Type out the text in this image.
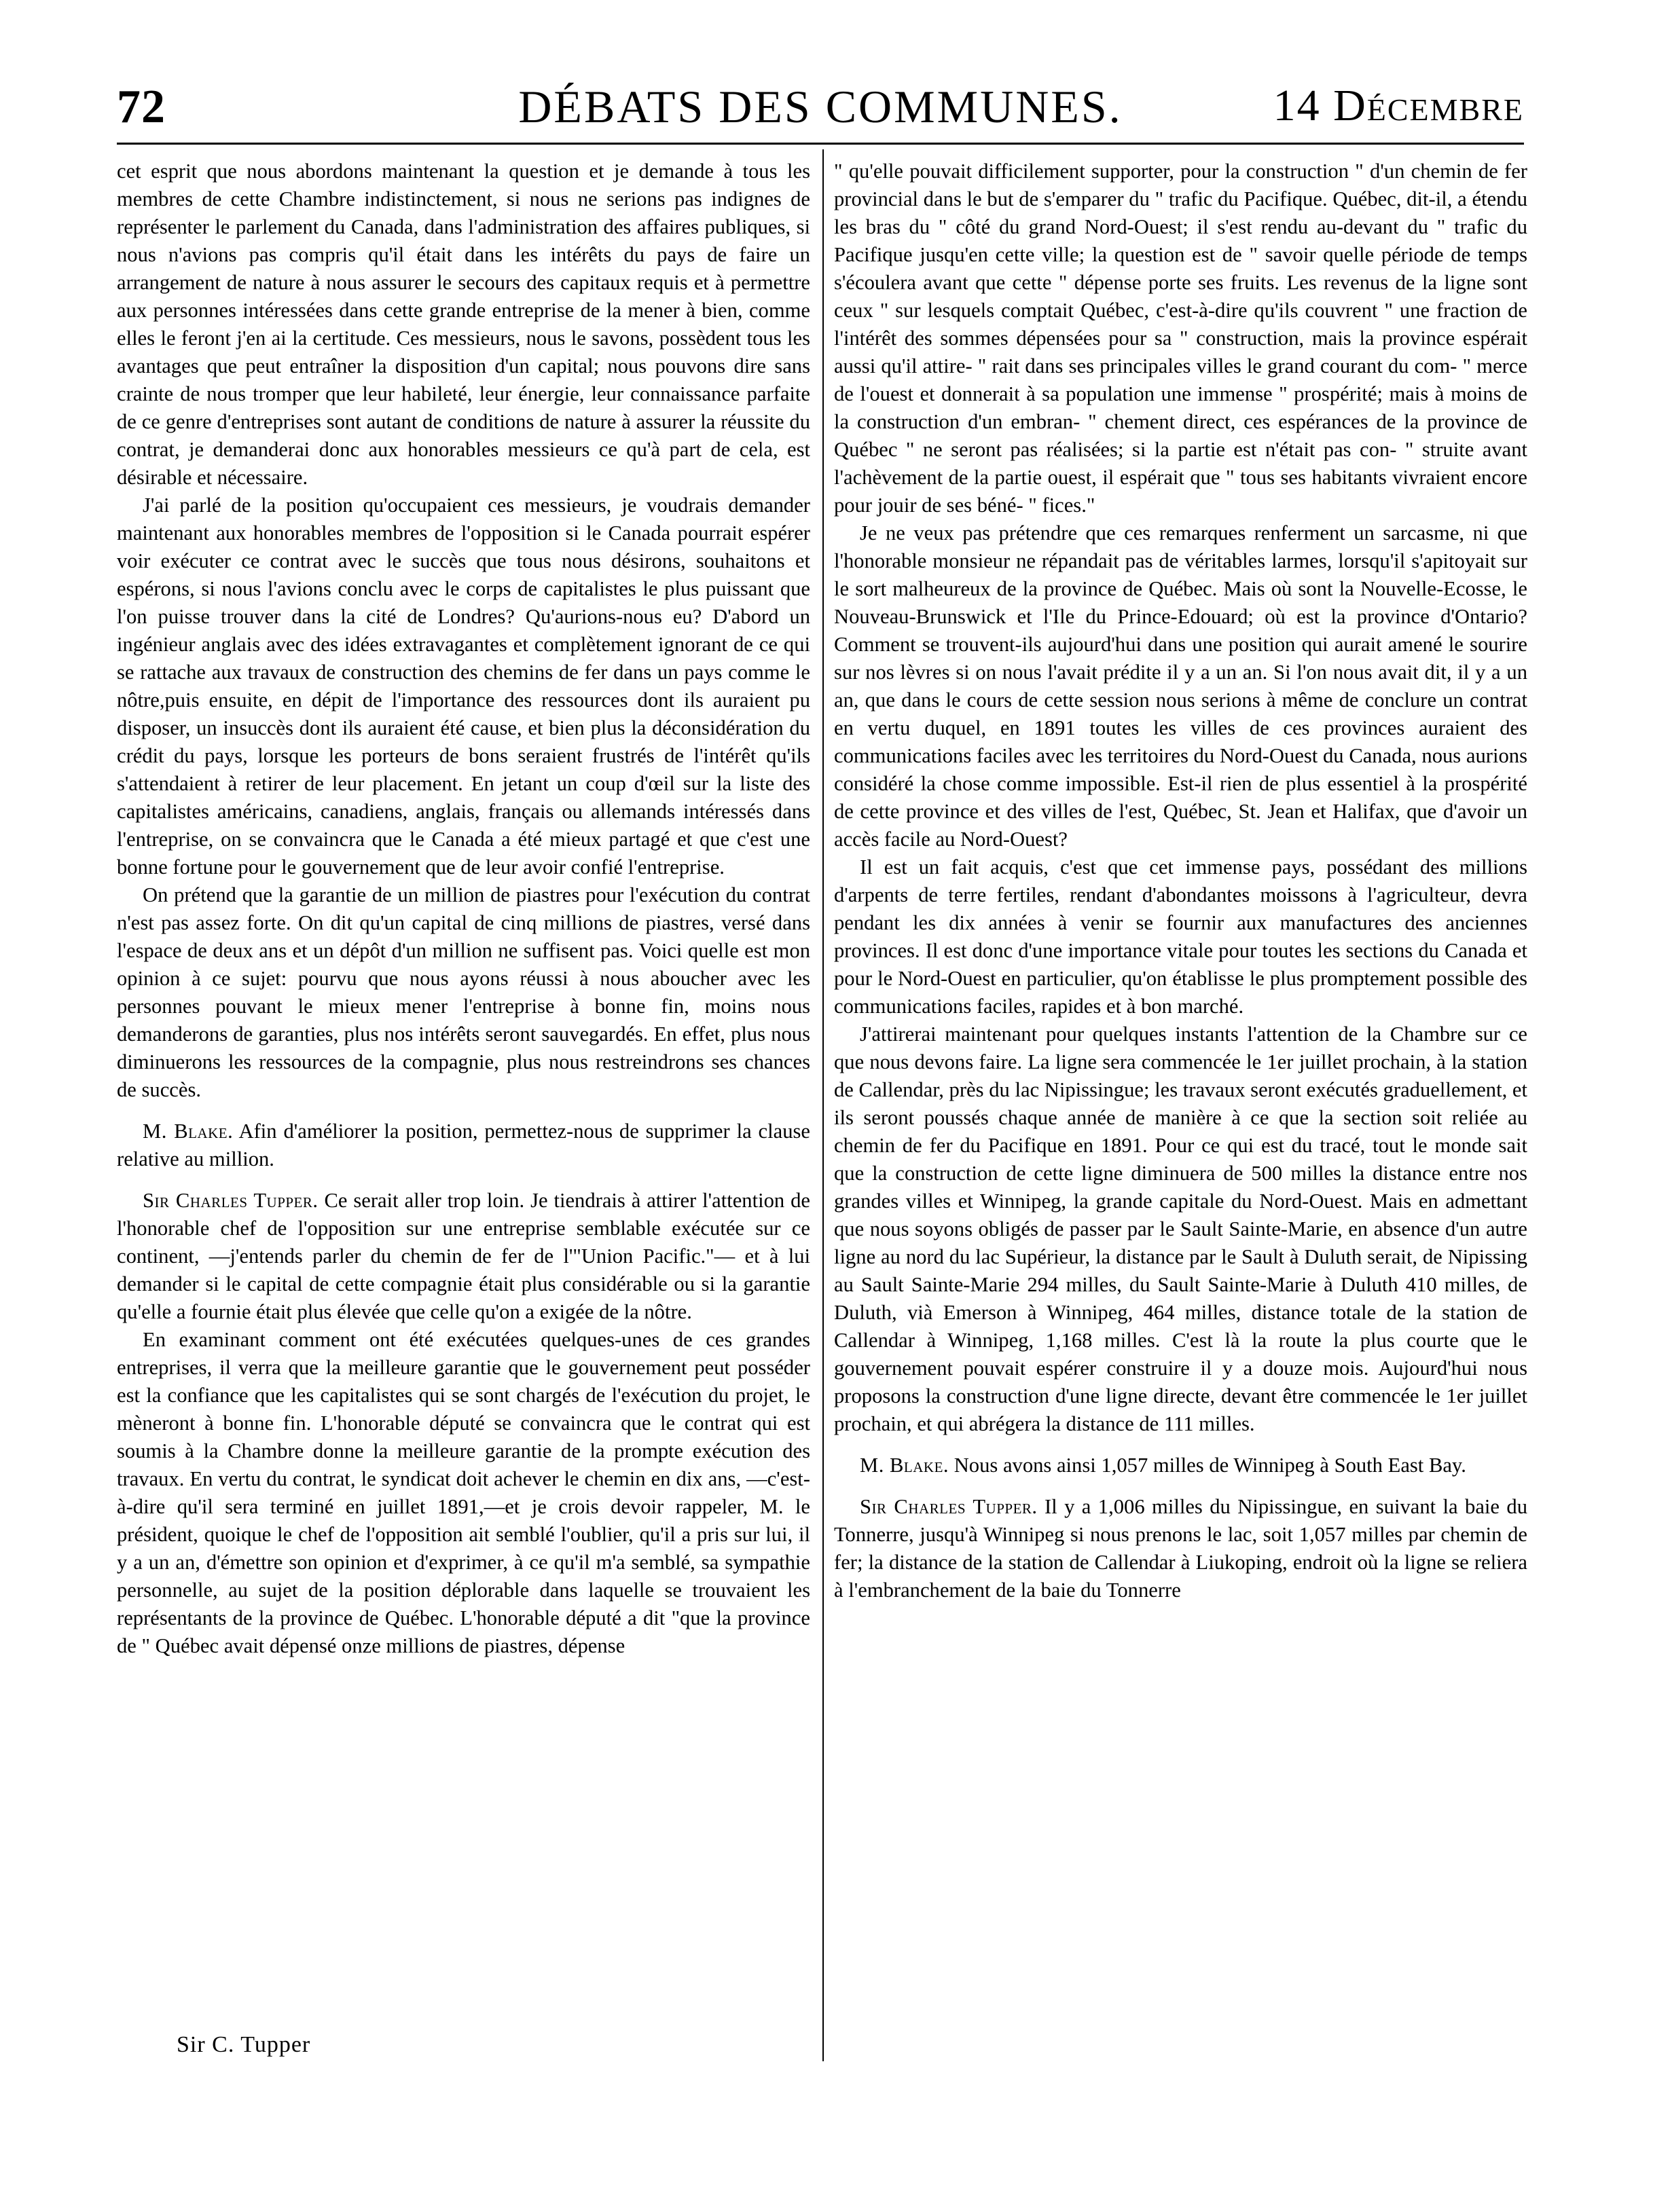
72	DÉBATS DES COMMUNES.	14 Décembre

cet esprit que nous abordons maintenant la question et je demande à tous les membres de cette Chambre indistinctement, si nous ne serions pas indignes de représenter le parlement du Canada, dans l'administration des affaires publiques, si nous n'avions pas compris qu'il était dans les intérêts du pays de faire un arrangement de nature à nous assurer le secours des capitaux requis et à permettre aux personnes intéressées dans cette grande entreprise de la mener à bien, comme elles le feront j'en ai la certitude. Ces messieurs, nous le savons, possèdent tous les avantages que peut entraîner la disposition d'un capital; nous pouvons dire sans crainte de nous tromper que leur habileté, leur énergie, leur connaissance parfaite de ce genre d'entreprises sont autant de conditions de nature à assurer la réussite du contrat, je demanderai donc aux honorables messieurs ce qu'à part de cela, est désirable et nécessaire.

J'ai parlé de la position qu'occupaient ces messieurs, je voudrais demander maintenant aux honorables membres de l'opposition si le Canada pourrait espérer voir exécuter ce contrat avec le succès que tous nous désirons, souhaitons et espérons, si nous l'avions conclu avec le corps de capitalistes le plus puissant que l'on puisse trouver dans la cité de Londres? Qu'aurions-nous eu? D'abord un ingénieur anglais avec des idées extravagantes et complètement ignorant de ce qui se rattache aux travaux de construction des chemins de fer dans un pays comme le nôtre,puis ensuite, en dépit de l'importance des ressources dont ils auraient pu disposer, un insuccès dont ils auraient été cause, et bien plus la déconsidération du crédit du pays, lorsque les porteurs de bons seraient frustrés de l'intérêt qu'ils s'attendaient à retirer de leur placement. En jetant un coup d'œil sur la liste des capitalistes américains, canadiens, anglais, français ou allemands intéressés dans l'entreprise, on se convaincra que le Canada a été mieux partagé et que c'est une bonne fortune pour le gouvernement que de leur avoir confié l'entreprise.

On prétend que la garantie de un million de piastres pour l'exécution du contrat n'est pas assez forte. On dit qu'un capital de cinq millions de piastres, versé dans l'espace de deux ans et un dépôt d'un million ne suffisent pas. Voici quelle est mon opinion à ce sujet: pourvu que nous ayons réussi à nous aboucher avec les personnes pouvant le mieux mener l'entreprise à bonne fin, moins nous demanderons de garanties, plus nos intérêts seront sauvegardés. En effet, plus nous diminuerons les ressources de la compagnie, plus nous restreindrons ses chances de succès.

M. Blake. Afin d'améliorer la position, permettez-nous de supprimer la clause relative au million.

Sir Charles Tupper. Ce serait aller trop loin. Je tiendrais à attirer l'attention de l'honorable chef de l'opposition sur une entreprise semblable exécutée sur ce continent, —j'entends parler du chemin de fer de l'"Union Pacific."— et à lui demander si le capital de cette compagnie était plus considérable ou si la garantie qu'elle a fournie était plus élevée que celle qu'on a exigée de la nôtre.

En examinant comment ont été exécutées quelques-unes de ces grandes entreprises, il verra que la meilleure garantie que le gouvernement peut posséder est la confiance que les capitalistes qui se sont chargés de l'exécution du projet, le mèneront à bonne fin. L'honorable député se convaincra que le contrat qui est soumis à la Chambre donne la meilleure garantie de la prompte exécution des travaux. En vertu du contrat, le syndicat doit achever le chemin en dix ans, —c'est-à-dire qu'il sera terminé en juillet 1891,—et je crois devoir rappeler, M. le président, quoique le chef de l'opposition ait semblé l'oublier, qu'il a pris sur lui, il y a un an, d'émettre son opinion et d'exprimer, à ce qu'il m'a semblé, sa sympathie personnelle, au sujet de la position déplorable dans laquelle se trouvaient les représentants de la province de Québec. L'honorable député a dit "que la province de " Québec avait dépensé onze millions de piastres, dépense

" qu'elle pouvait difficilement supporter, pour la construction " d'un chemin de fer provincial dans le but de s'emparer du " trafic du Pacifique. Québec, dit-il, a étendu les bras du " côté du grand Nord-Ouest; il s'est rendu au-devant du " trafic du Pacifique jusqu'en cette ville; la question est de " savoir quelle période de temps s'écoulera avant que cette " dépense porte ses fruits. Les revenus de la ligne sont ceux " sur lesquels comptait Québec, c'est-à-dire qu'ils couvrent " une fraction de l'intérêt des sommes dépensées pour sa " construction, mais la province espérait aussi qu'il attire- " rait dans ses principales villes le grand courant du com- " merce de l'ouest et donnerait à sa population une immense " prospérité; mais à moins de la construction d'un embran- " chement direct, ces espérances de la province de Québec " ne seront pas réalisées; si la partie est n'était pas con- " struite avant l'achèvement de la partie ouest, il espérait que " tous ses habitants vivraient encore pour jouir de ses béné- " fices."

Je ne veux pas prétendre que ces remarques renferment un sarcasme, ni que l'honorable monsieur ne répandait pas de véritables larmes, lorsqu'il s'apitoyait sur le sort malheureux de la province de Québec. Mais où sont la Nouvelle-Ecosse, le Nouveau-Brunswick et l'Ile du Prince-Edouard; où est la province d'Ontario? Comment se trouvent-ils aujourd'hui dans une position qui aurait amené le sourire sur nos lèvres si on nous l'avait prédite il y a un an. Si l'on nous avait dit, il y a un an, que dans le cours de cette session nous serions à même de conclure un contrat en vertu duquel, en 1891 toutes les villes de ces provinces auraient des communications faciles avec les territoires du Nord-Ouest du Canada, nous aurions considéré la chose comme impossible. Est-il rien de plus essentiel à la prospérité de cette province et des villes de l'est, Québec, St. Jean et Halifax, que d'avoir un accès facile au Nord-Ouest?

Il est un fait acquis, c'est que cet immense pays, possédant des millions d'arpents de terre fertiles, rendant d'abondantes moissons à l'agriculteur, devra pendant les dix années à venir se fournir aux manufactures des anciennes provinces. Il est donc d'une importance vitale pour toutes les sections du Canada et pour le Nord-Ouest en particulier, qu'on établisse le plus promptement possible des communications faciles, rapides et à bon marché.

J'attirerai maintenant pour quelques instants l'attention de la Chambre sur ce que nous devons faire. La ligne sera commencée le 1er juillet prochain, à la station de Callendar, près du lac Nipissingue; les travaux seront exécutés graduellement, et ils seront poussés chaque année de manière à ce que la section soit reliée au chemin de fer du Pacifique en 1891. Pour ce qui est du tracé, tout le monde sait que la construction de cette ligne diminuera de 500 milles la distance entre nos grandes villes et Winnipeg, la grande capitale du Nord-Ouest. Mais en admettant que nous soyons obligés de passer par le Sault Sainte-Marie, en absence d'un autre ligne au nord du lac Supérieur, la distance par le Sault à Duluth serait, de Nipissing au Sault Sainte-Marie 294 milles, du Sault Sainte-Marie à Duluth 410 milles, de Duluth, vià Emerson à Winnipeg, 464 milles, distance totale de la station de Callendar à Winnipeg, 1,168 milles. C'est là la route la plus courte que le gouvernement pouvait espérer construire il y a douze mois. Aujourd'hui nous proposons la construction d'une ligne directe, devant être commencée le 1er juillet prochain, et qui abrégera la distance de 111 milles.

M. Blake. Nous avons ainsi 1,057 milles de Winnipeg à South East Bay.

Sir Charles Tupper. Il y a 1,006 milles du Nipissingue, en suivant la baie du Tonnerre, jusqu'à Winnipeg si nous prenons le lac, soit 1,057 milles par chemin de fer; la distance de la station de Callendar à Liukoping, endroit où la ligne se reliera à l'embranchement de la baie du Tonnerre

Sir C. Tupper
